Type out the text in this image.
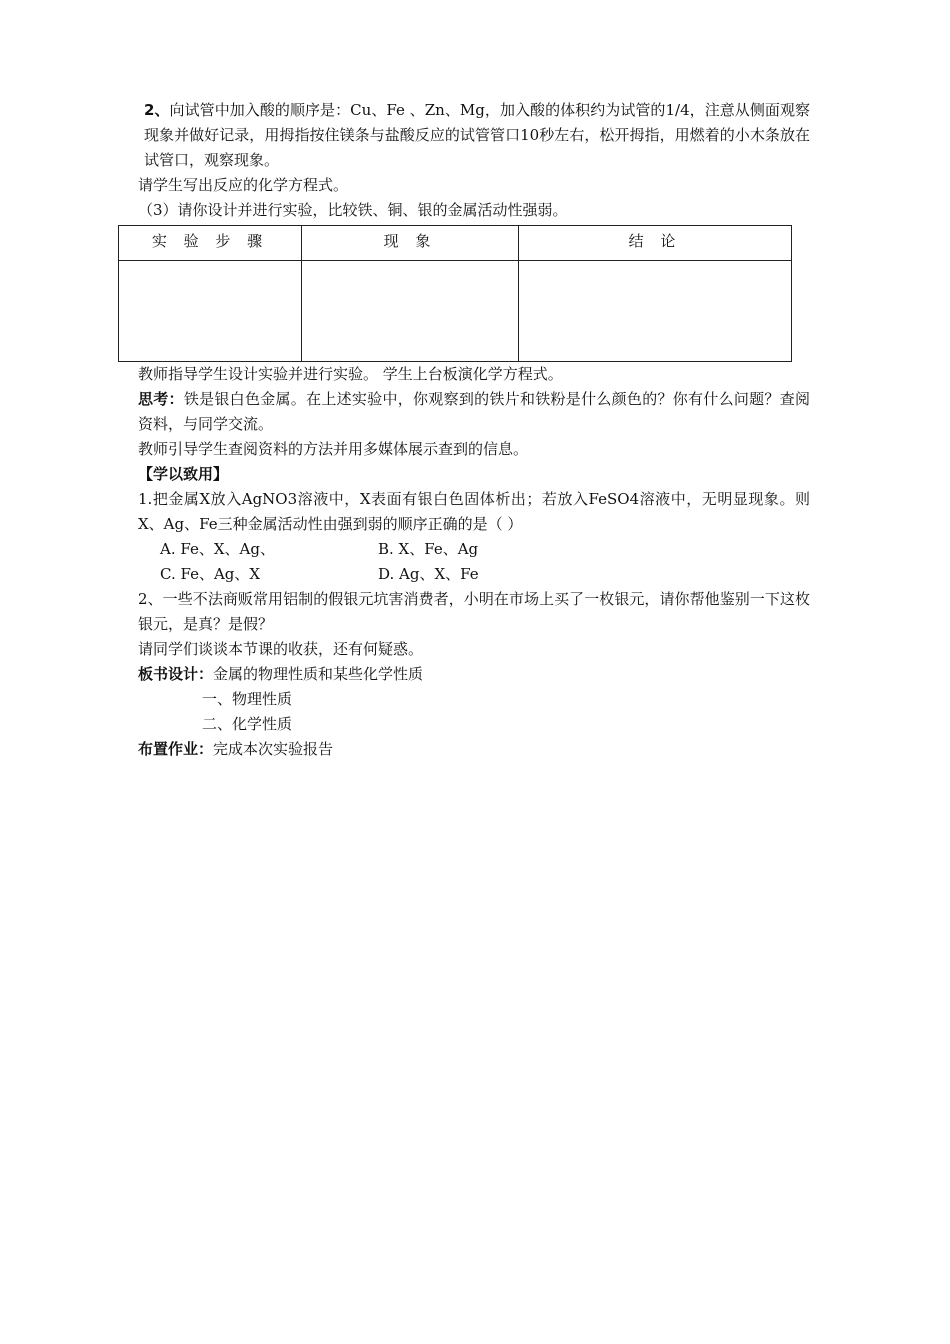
2、向试管中加入酸的顺序是：Cu、Fe 、Zn、Mg，加入酸的体积约为试管的1/4，注意从侧面观察现象并做好记录，用拇指按住镁条与盐酸反应的试管管口10秒左右，松开拇指，用燃着的小木条放在试管口，观察现象。

请学生写出反应的化学方程式。

（3）请你设计并进行实验，比较铁、铜、银的金属活动性强弱。

实 验 步 骤	现 象	结 论

教师指导学生设计实验并进行实验。 学生上台板演化学方程式。

思考：铁是银白色金属。在上述实验中，你观察到的铁片和铁粉是什么颜色的？你有什么问题？查阅资料，与同学交流。

教师引导学生查阅资料的方法并用多媒体展示查到的信息。

【学以致用】

1.把金属X放入AgNO3溶液中，X表面有银白色固体析出；若放入FeSO4溶液中，无明显现象。则X、Ag、Fe三种金属活动性由强到弱的顺序正确的是（ ）

A. Fe、X、Ag、	B. X、Fe、Ag
C. Fe、Ag、X	D. Ag、X、Fe

2、一些不法商贩常用铝制的假银元坑害消费者，小明在市场上买了一枚银元，请你帮他鉴别一下这枚银元，是真？是假？

请同学们谈谈本节课的收获，还有何疑惑。

板书设计：金属的物理性质和某些化学性质

一、物理性质
二、化学性质

布置作业：完成本次实验报告
